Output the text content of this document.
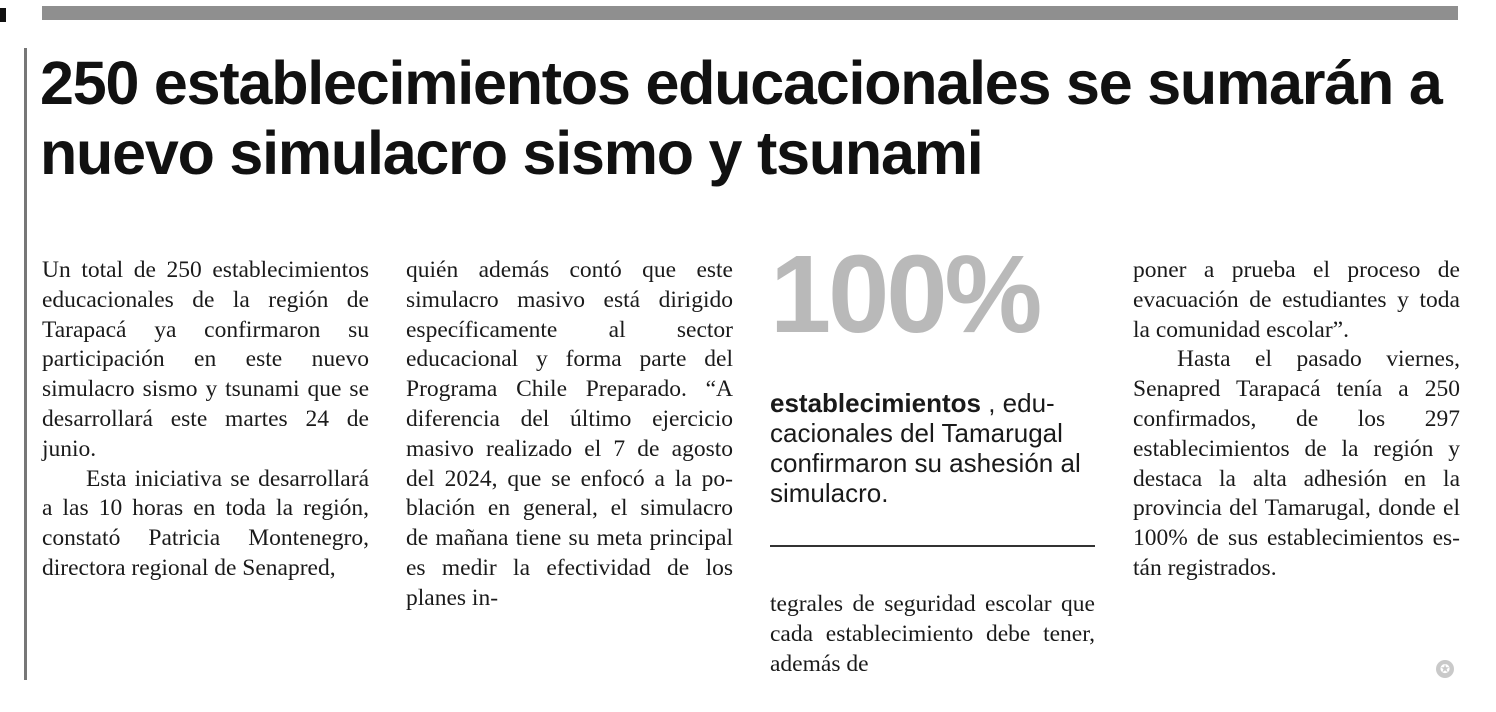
250 establecimientos educacionales se sumarán a nuevo simulacro sismo y tsunami

Un total de 250 establecimientos educacionales de la región de Tarapacá ya confirmaron su participación en este nuevo simulacro sismo y tsunami que se desarrollará este martes 24 de junio.

Esta iniciativa se desarrollará a las 10 horas en toda la región, constató Patricia Montenegro, directora regional de Senapred,

quién además contó que este simulacro masivo está dirigido específicamente al sector educacional y forma parte del Programa Chile Preparado. “A diferencia del último ejercicio masivo realizado el 7 de agosto del 2024, que se enfocó a la población en general, el simulacro de mañana tiene su meta principal es medir la efectividad de los planes in-

100%

establecimientos , educacionales del Tamarugal confirmaron su ashesión al simulacro.

tegrales de seguridad escolar que cada establecimiento debe tener, además de

poner a prueba el proceso de evacuación de estudiantes y toda la comunidad escolar”.

Hasta el pasado viernes, Senapred Tarapacá tenía a 250 confirmados, de los 297 establecimientos de la región y destaca la alta adhesión en la provincia del Tamarugal, donde el 100% de sus establecimientos están registrados.

✪
